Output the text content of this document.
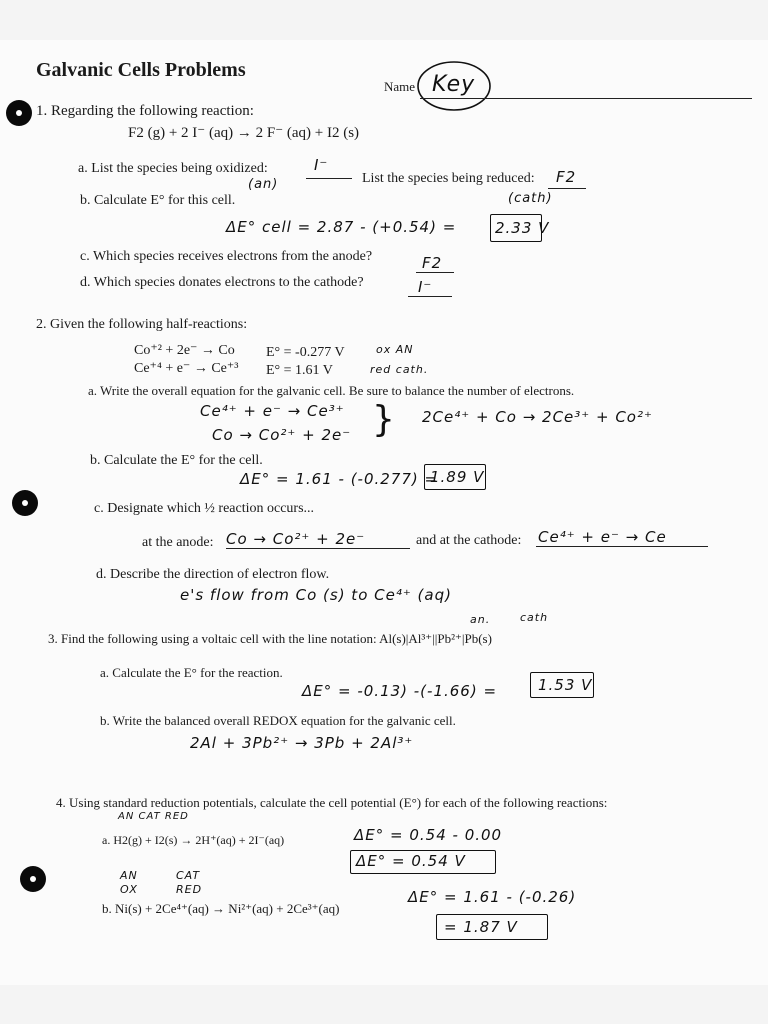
Galvanic Cells Problems
Name Key
1. Regarding the following reaction:
F2 (g) + 2 I⁻ (aq) → 2 F⁻ (aq) + I2 (s)
a. List the species being oxidized:	I⁻
(an)	List the species being reduced: F2
(cath)
b. Calculate E° for this cell.
ΔE° cell = 2.87 - (+0.54) =	2.33 V
c. Which species receives electrons from the anode?	F2
d. Which species donates electrons to the cathode?	I⁻
2. Given the following half-reactions:
Co⁺² + 2e⁻ → Co E° = -0.277 V	ox AN
Ce⁺⁴ + e⁻ → Ce⁺³ E° = 1.61 V	red cath.
a. Write the overall equation for the galvanic cell. Be sure to balance the number of electrons.
Ce⁴⁺ + e⁻ → Ce³⁺
Co → Co²⁺ + 2e⁻ } 2Ce⁴⁺ + Co → 2Ce³⁺ + Co²⁺
b. Calculate the E° for the cell.
ΔE° = 1.61 - (-0.277) =
1.89 V
c. Designate which ½ reaction occurs...
at the anode: Co → Co²⁺ + 2e⁻	and at the cathode: Ce⁴⁺ + e⁻ → Ce
d. Describe the direction of electron flow.
e's flow from Co (s) to Ce⁴⁺ (aq)
an.	cath
3. Find the following using a voltaic cell with the line notation: Al(s)|Al³⁺||Pb²⁺|Pb(s)
a. Calculate the E° for the reaction.
ΔE° = -0.13) -(-1.66) =	1.53 V
b. Write the balanced overall REDOX equation for the galvanic cell.
2Al + 3Pb²⁺ → 3Pb + 2Al³⁺
4. Using standard reduction potentials, calculate the cell potential (E°) for each of the following reactions:
AN CAT RED
a. H2(g) + I2(s) → 2H⁺(aq) + 2I⁻(aq)	ΔE° = 0.54 - 0.00
ΔE° = 0.54 V
AN
OX
CAT
RED
b. Ni(s) + 2Ce⁴⁺(aq) → Ni²⁺(aq) + 2Ce³⁺(aq)
ΔE° = 1.61 - (-0.26)
= 1.87 V
